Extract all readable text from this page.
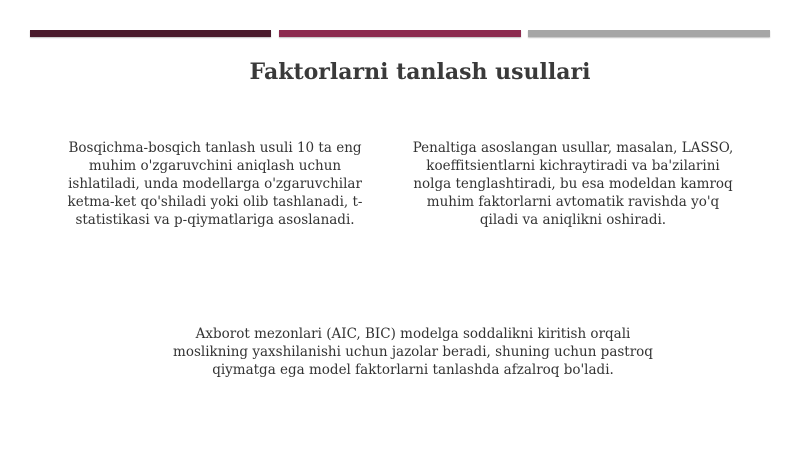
Faktorlarni tanlash usullari
Bosqichma-bosqich tanlash usuli 10 ta eng
muhim o'zgaruvchini aniqlash uchun
ishlatiladi, unda modellarga o'zgaruvchilar
ketma-ket qo'shiladi yoki olib tashlanadi, t-
statistikasi va p-qiymatlariga asoslanadi.
Penaltiga asoslangan usullar, masalan, LASSO,
koeffitsientlarni kichraytiradi va ba'zilarini
nolga tenglashtiradi, bu esa modeldan kamroq
muhim faktorlarni avtomatik ravishda yo'q
qiladi va aniqlikni oshiradi.
Axborot mezonlari (AIC, BIC) modelga soddalikni kiritish orqali
moslikning yaxshilanishi uchun jazolar beradi, shuning uchun pastroq
qiymatga ega model faktorlarni tanlashda afzalroq bo'ladi.
